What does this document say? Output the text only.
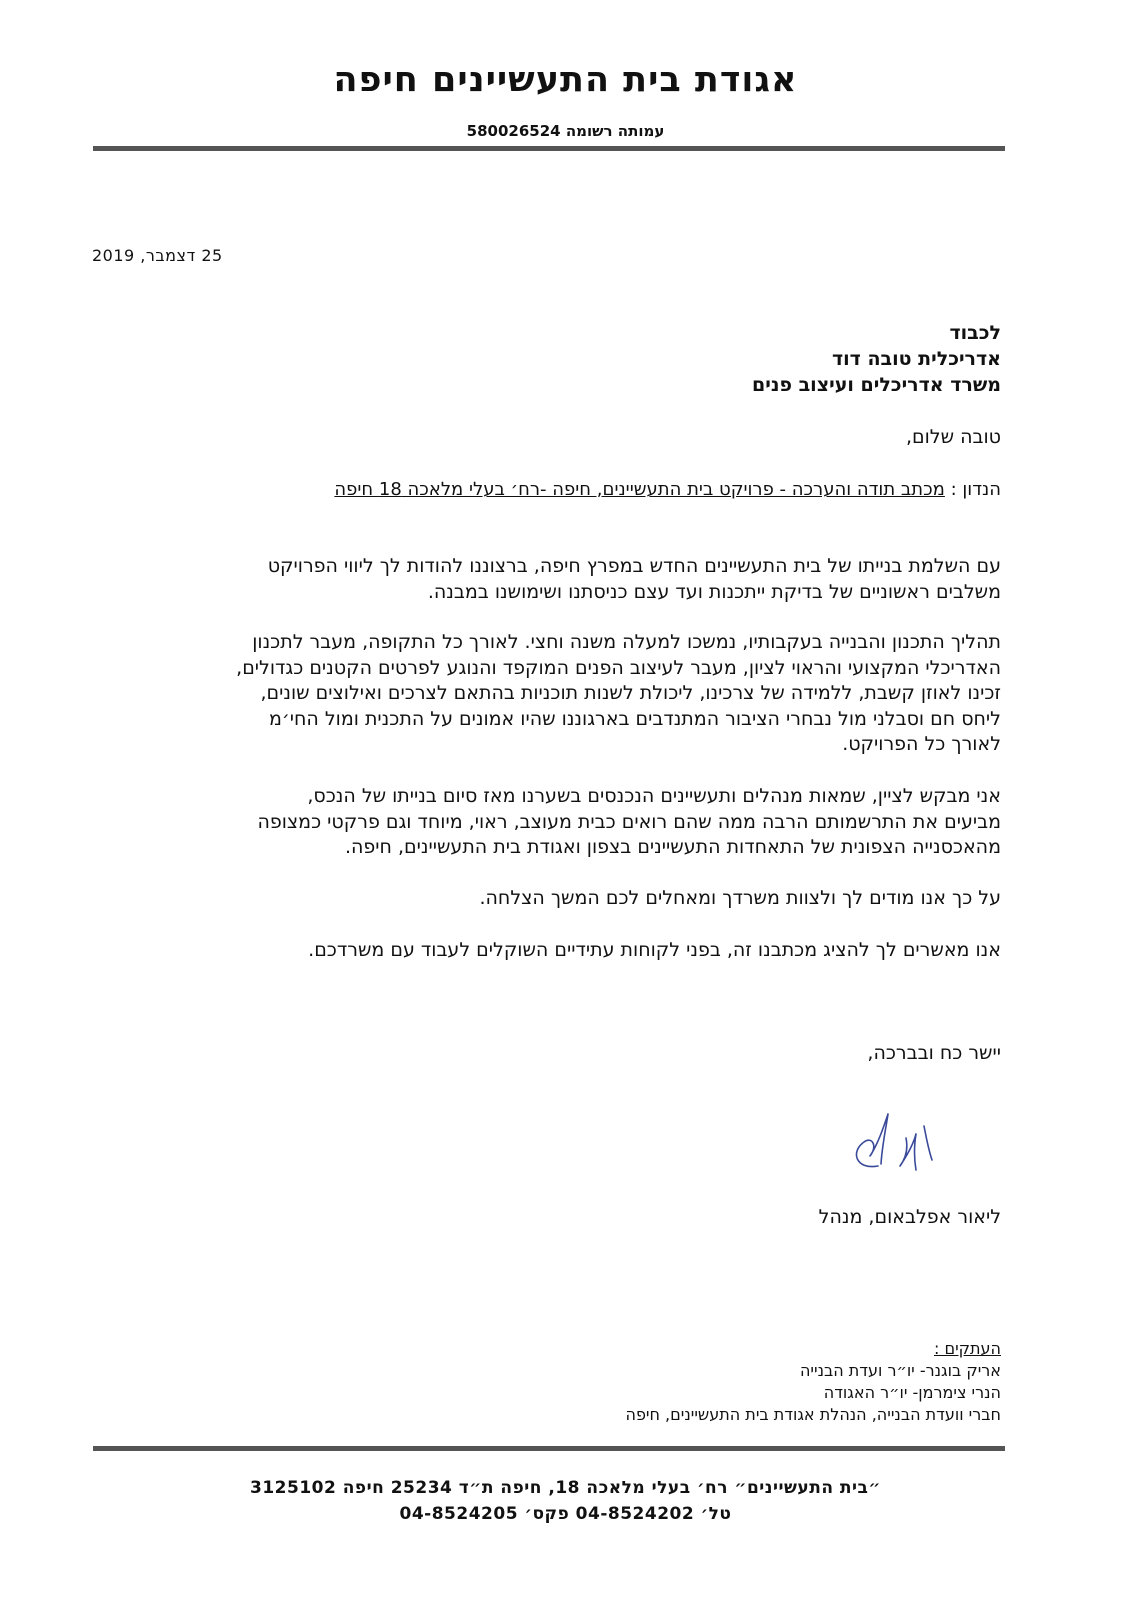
אגודת בית התעשיינים חיפה
עמותה רשומה 580026524
25 דצמבר, 2019
לכבוד
אדריכלית טובה דוד
משרד אדריכלים ועיצוב פנים
טובה שלום,
הנדון : מכתב תודה והערכה - פרויקט בית התעשיינים, חיפה -רח׳ בעלי מלאכה 18 חיפה
עם השלמת בנייתו של בית התעשיינים החדש במפרץ חיפה, ברצוננו להודות לך ליווי הפרויקט
משלבים ראשוניים של בדיקת ייתכנות ועד עצם כניסתנו ושימושנו במבנה.
תהליך התכנון והבנייה בעקבותיו, נמשכו למעלה משנה וחצי. לאורך כל התקופה, מעבר לתכנון
האדריכלי המקצועי והראוי לציון, מעבר לעיצוב הפנים המוקפד והנוגע לפרטים הקטנים כגדולים,
זכינו לאוזן קשבת, ללמידה של צרכינו, ליכולת לשנות תוכניות בהתאם לצרכים ואילוצים שונים,
ליחס חם וסבלני מול נבחרי הציבור המתנדבים בארגוננו שהיו אמונים על התכנית ומול החי׳מ
לאורך כל הפרויקט.
אני מבקש לציין, שמאות מנהלים ותעשיינים הנכנסים בשערנו מאז סיום בנייתו של הנכס,
מביעים את התרשמותם הרבה ממה שהם רואים כבית מעוצב, ראוי, מיוחד וגם פרקטי כמצופה
מהאכסנייה הצפונית של התאחדות התעשיינים בצפון ואגודת בית התעשיינים, חיפה.
על כך אנו מודים לך ולצוות משרדך ומאחלים לכם המשך הצלחה.
אנו מאשרים לך להציג מכתבנו זה, בפני לקוחות עתידיים השוקלים לעבוד עם משרדכם.
יישר כח ובברכה,
ליאור אפלבאום, מנהל
העתקים :
אריק בוגנר- יו״ר ועדת הבנייה
הנרי צימרמן- יו״ר האגודה
חברי וועדת הבנייה, הנהלת אגודת בית התעשיינים, חיפה
״בית התעשיינים״ רח׳ בעלי מלאכה 18, חיפה ת״ד 25234 חיפה 3125102
טל׳ 04-8524202 פקס׳ 04-8524205
